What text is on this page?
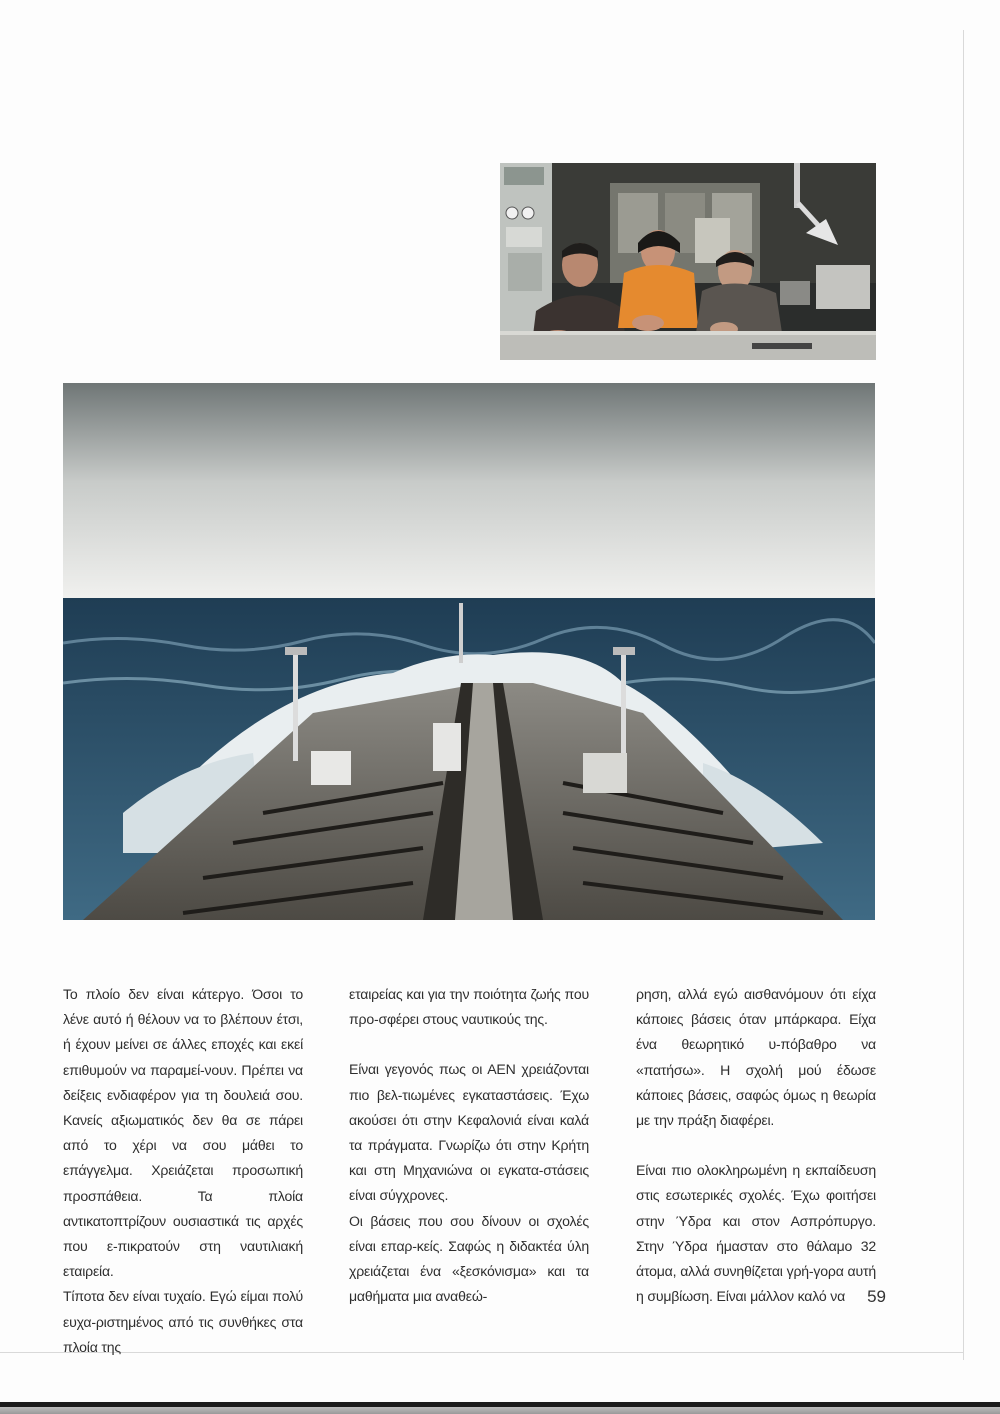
Το πλοίο δεν είναι κάτεργο. Όσοι το λένε αυτό ή θέλουν να το βλέπουν έτσι, ή έχουν μείνει σε άλλες εποχές και εκεί επιθυμούν να παραμεί-νουν. Πρέπει να δείξεις ενδιαφέρον για τη δουλειά σου. Κανείς αξιωματικός δεν θα σε πάρει από το χέρι να σου μάθει το επάγγελμα. Χρειάζεται προσωπική προσπάθεια. Τα πλοία αντικατοπτρίζουν ουσιαστικά τις αρχές που ε-πικρατούν στη ναυτιλιακή εταιρεία.

Τίποτα δεν είναι τυχαίο. Εγώ είμαι πολύ ευχα-ριστημένος από τις συνθήκες στα πλοία της

εταιρείας και για την ποιότητα ζωής που προ-σφέρει στους ναυτικούς της.

Είναι γεγονός πως οι ΑΕΝ χρειάζονται πιο βελ-τιωμένες εγκαταστάσεις. Έχω ακούσει ότι στην Κεφαλονιά είναι καλά τα πράγματα. Γνωρίζω ότι στην Κρήτη και στη Μηχανιώνα οι εγκατα-στάσεις είναι σύγχρονες.

Οι βάσεις που σου δίνουν οι σχολές είναι επαρ-κείς. Σαφώς η διδακτέα ύλη χρειάζεται ένα «ξεσκόνισμα» και τα μαθήματα μια αναθεώ-

ρηση, αλλά εγώ αισθανόμουν ότι είχα κάποιες βάσεις όταν μπάρκαρα. Είχα ένα θεωρητικό υ-πόβαθρο να «πατήσω». Η σχολή μού έδωσε κάποιες βάσεις, σαφώς όμως η θεωρία με την πράξη διαφέρει.

Είναι πιο ολοκληρωμένη η εκπαίδευση στις εσωτερικές σχολές. Έχω φοιτήσει στην Ύδρα και στον Ασπρόπυργο. Στην Ύδρα ήμασταν στο θάλαμο 32 άτομα, αλλά συνηθίζεται γρή-γορα αυτή η συμβίωση. Είναι μάλλον καλό να	59
